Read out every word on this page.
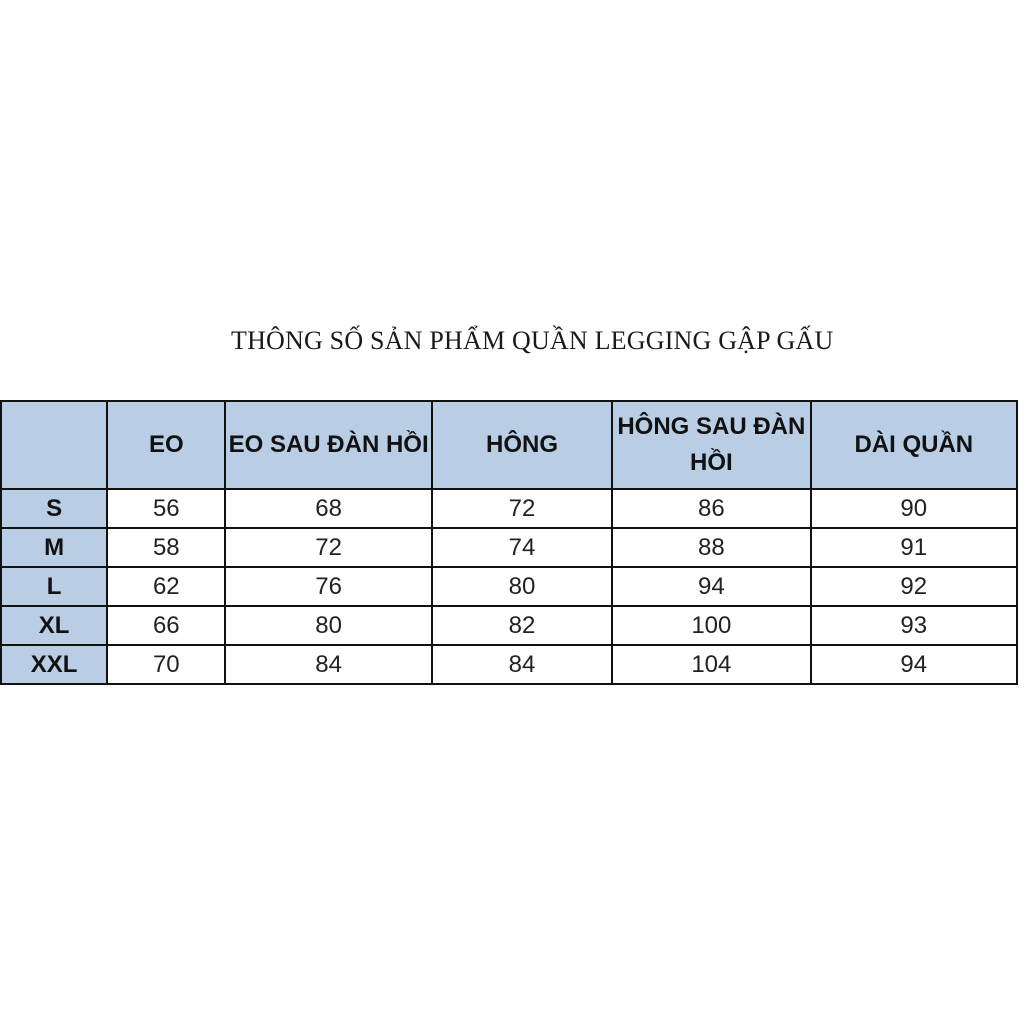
THÔNG SỐ SẢN PHẨM QUẦN LEGGING GẬP GẤU
	EO	EO SAU ĐÀN HỒI	HÔNG	HÔNG SAU ĐÀN HỒI	DÀI QUẦN
S	56	68	72	86	90
M	58	72	74	88	91
L	62	76	80	94	92
XL	66	80	82	100	93
XXL	70	84	84	104	94
